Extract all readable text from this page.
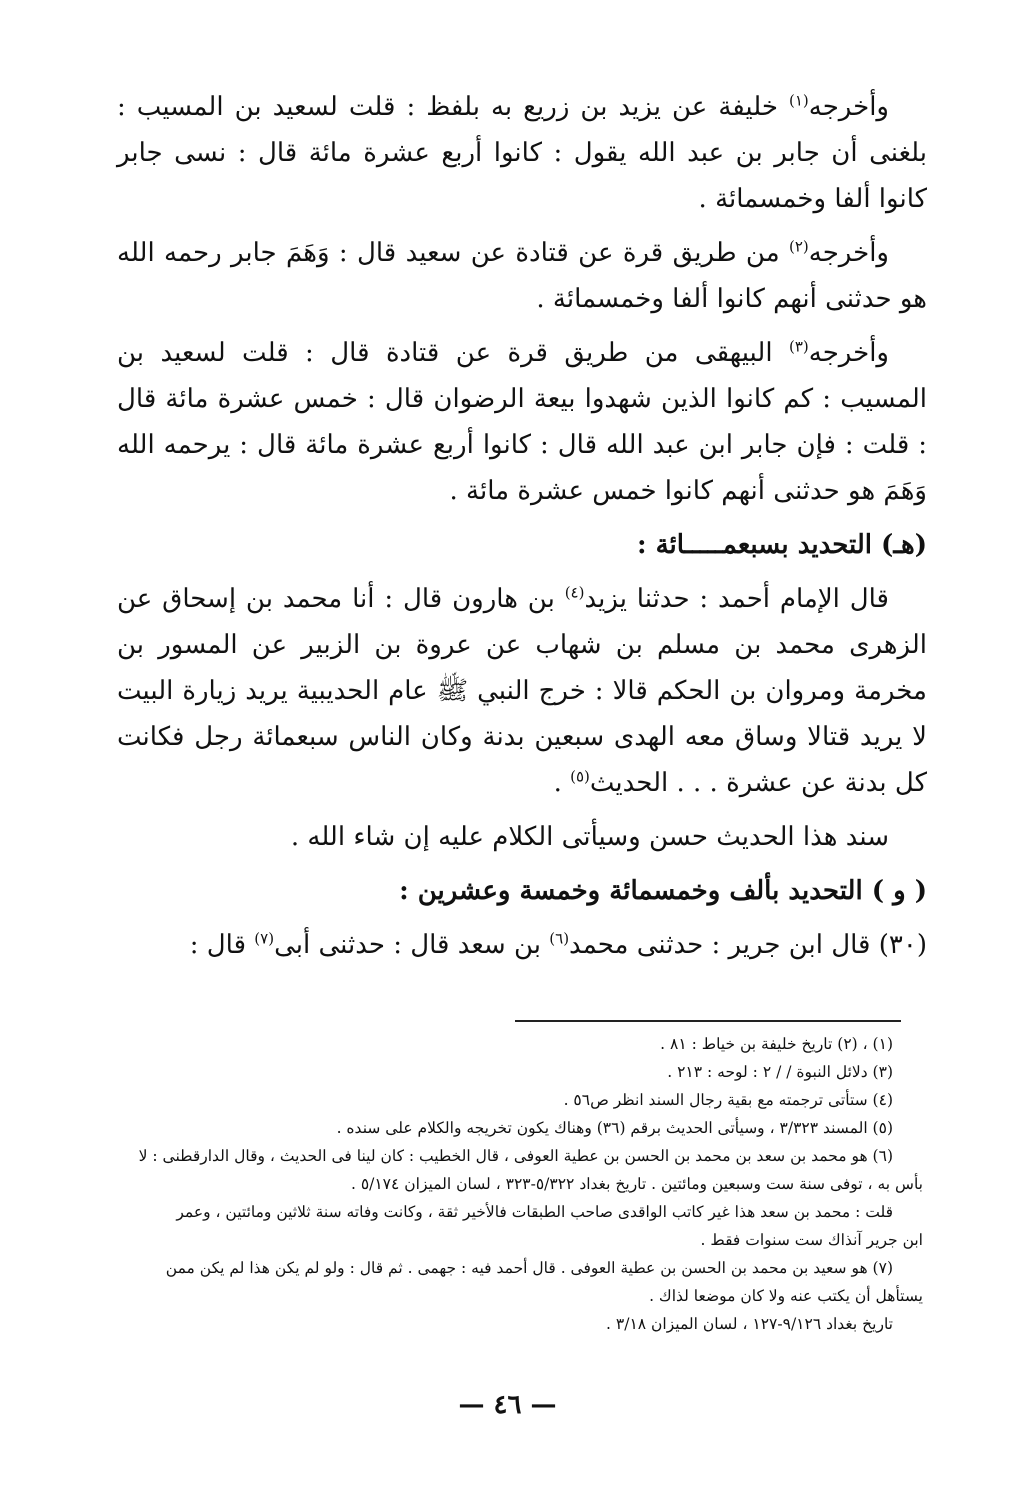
وأخرجه$^{(١)}$ خليفة عن يزيد بن زريع به بلفظ : قلت لسعيد بن المسيب : بلغنى أن جابر بن عبد الله يقول : كانوا أربع عشرة مائة قال : نسى جابر كانوا ألفا وخمسمائة .

وأخرجه$^{(٢)}$ من طريق قرة عن قتادة عن سعيد قال : وَهَمَ جابر رحمه الله هو حدثنى أنهم كانوا ألفا وخمسمائة .

وأخرجه$^{(٣)}$ البيهقى من طريق قرة عن قتادة قال : قلت لسعيد بن المسيب : كم كانوا الذين شهدوا بيعة الرضوان قال : خمس عشرة مائة قال : قلت : فإن جابر ابن عبد الله قال : كانوا أربع عشرة مائة قال : يرحمه الله وَهَمَ هو حدثنى أنهم كانوا خمس عشرة مائة .

(هـ) التحديد بسبعمـــــائة :

قال الإمام أحمد : حدثنا يزيد$^{(٤)}$ بن هارون قال : أنا محمد بن إسحاق عن الزهرى محمد بن مسلم بن شهاب عن عروة بن الزبير عن المسور بن مخرمة ومروان بن الحكم قالا : خرج النبي ﷺ عام الحديبية يريد زيارة البيت لا يريد قتالا وساق معه الهدى سبعين بدنة وكان الناس سبعمائة رجل فكانت كل بدنة عن عشرة . . . الحديث$^{(٥)}$ .

سند هذا الحديث حسن وسيأتى الكلام عليه إن شاء الله .

( و ) التحديد بألف وخمسمائة وخمسة وعشرين :

(٣٠) قال ابن جرير : حدثنى محمد$^{(٦)}$ بن سعد قال : حدثنى أبى$^{(٧)}$ قال :

(١) ، (٢) تاريخ خليفة بن خياط : ٨١ .

(٣) دلائل النبوة / / ٢ : لوحه : ٢١٣ .

(٤) ستأتى ترجمته مع بقية رجال السند انظر ص٥٦ .

(٥) المسند ٣/٣٢٣ ، وسيأتى الحديث برقم (٣٦) وهناك يكون تخريجه والكلام على سنده .

(٦) هو محمد بن سعد بن محمد بن الحسن بن عطية العوفى ، قال الخطيب : كان لينا فى الحديث ، وقال الدارقطنى : لا

بأس به ، توفى سنة ست وسبعين ومائتين . تاريخ بغداد ٥/٣٢٢-٣٢٣ ، لسان الميزان ٥/١٧٤ .

قلت : محمد بن سعد هذا غير كاتب الواقدى صاحب الطبقات فالأخير ثقة ، وكانت وفاته سنة ثلاثين ومائتين ، وعمر

ابن جرير آنذاك ست سنوات فقط .

(٧) هو سعيد بن محمد بن الحسن بن عطية العوفى . قال أحمد فيه : جهمى . ثم قال : ولو لم يكن هذا لم يكن ممن

يستأهل أن يكتب عنه ولا كان موضعا لذاك .

تاريخ بغداد ٩/١٢٦-١٢٧ ، لسان الميزان ٣/١٨ .

— ٤٦ —
